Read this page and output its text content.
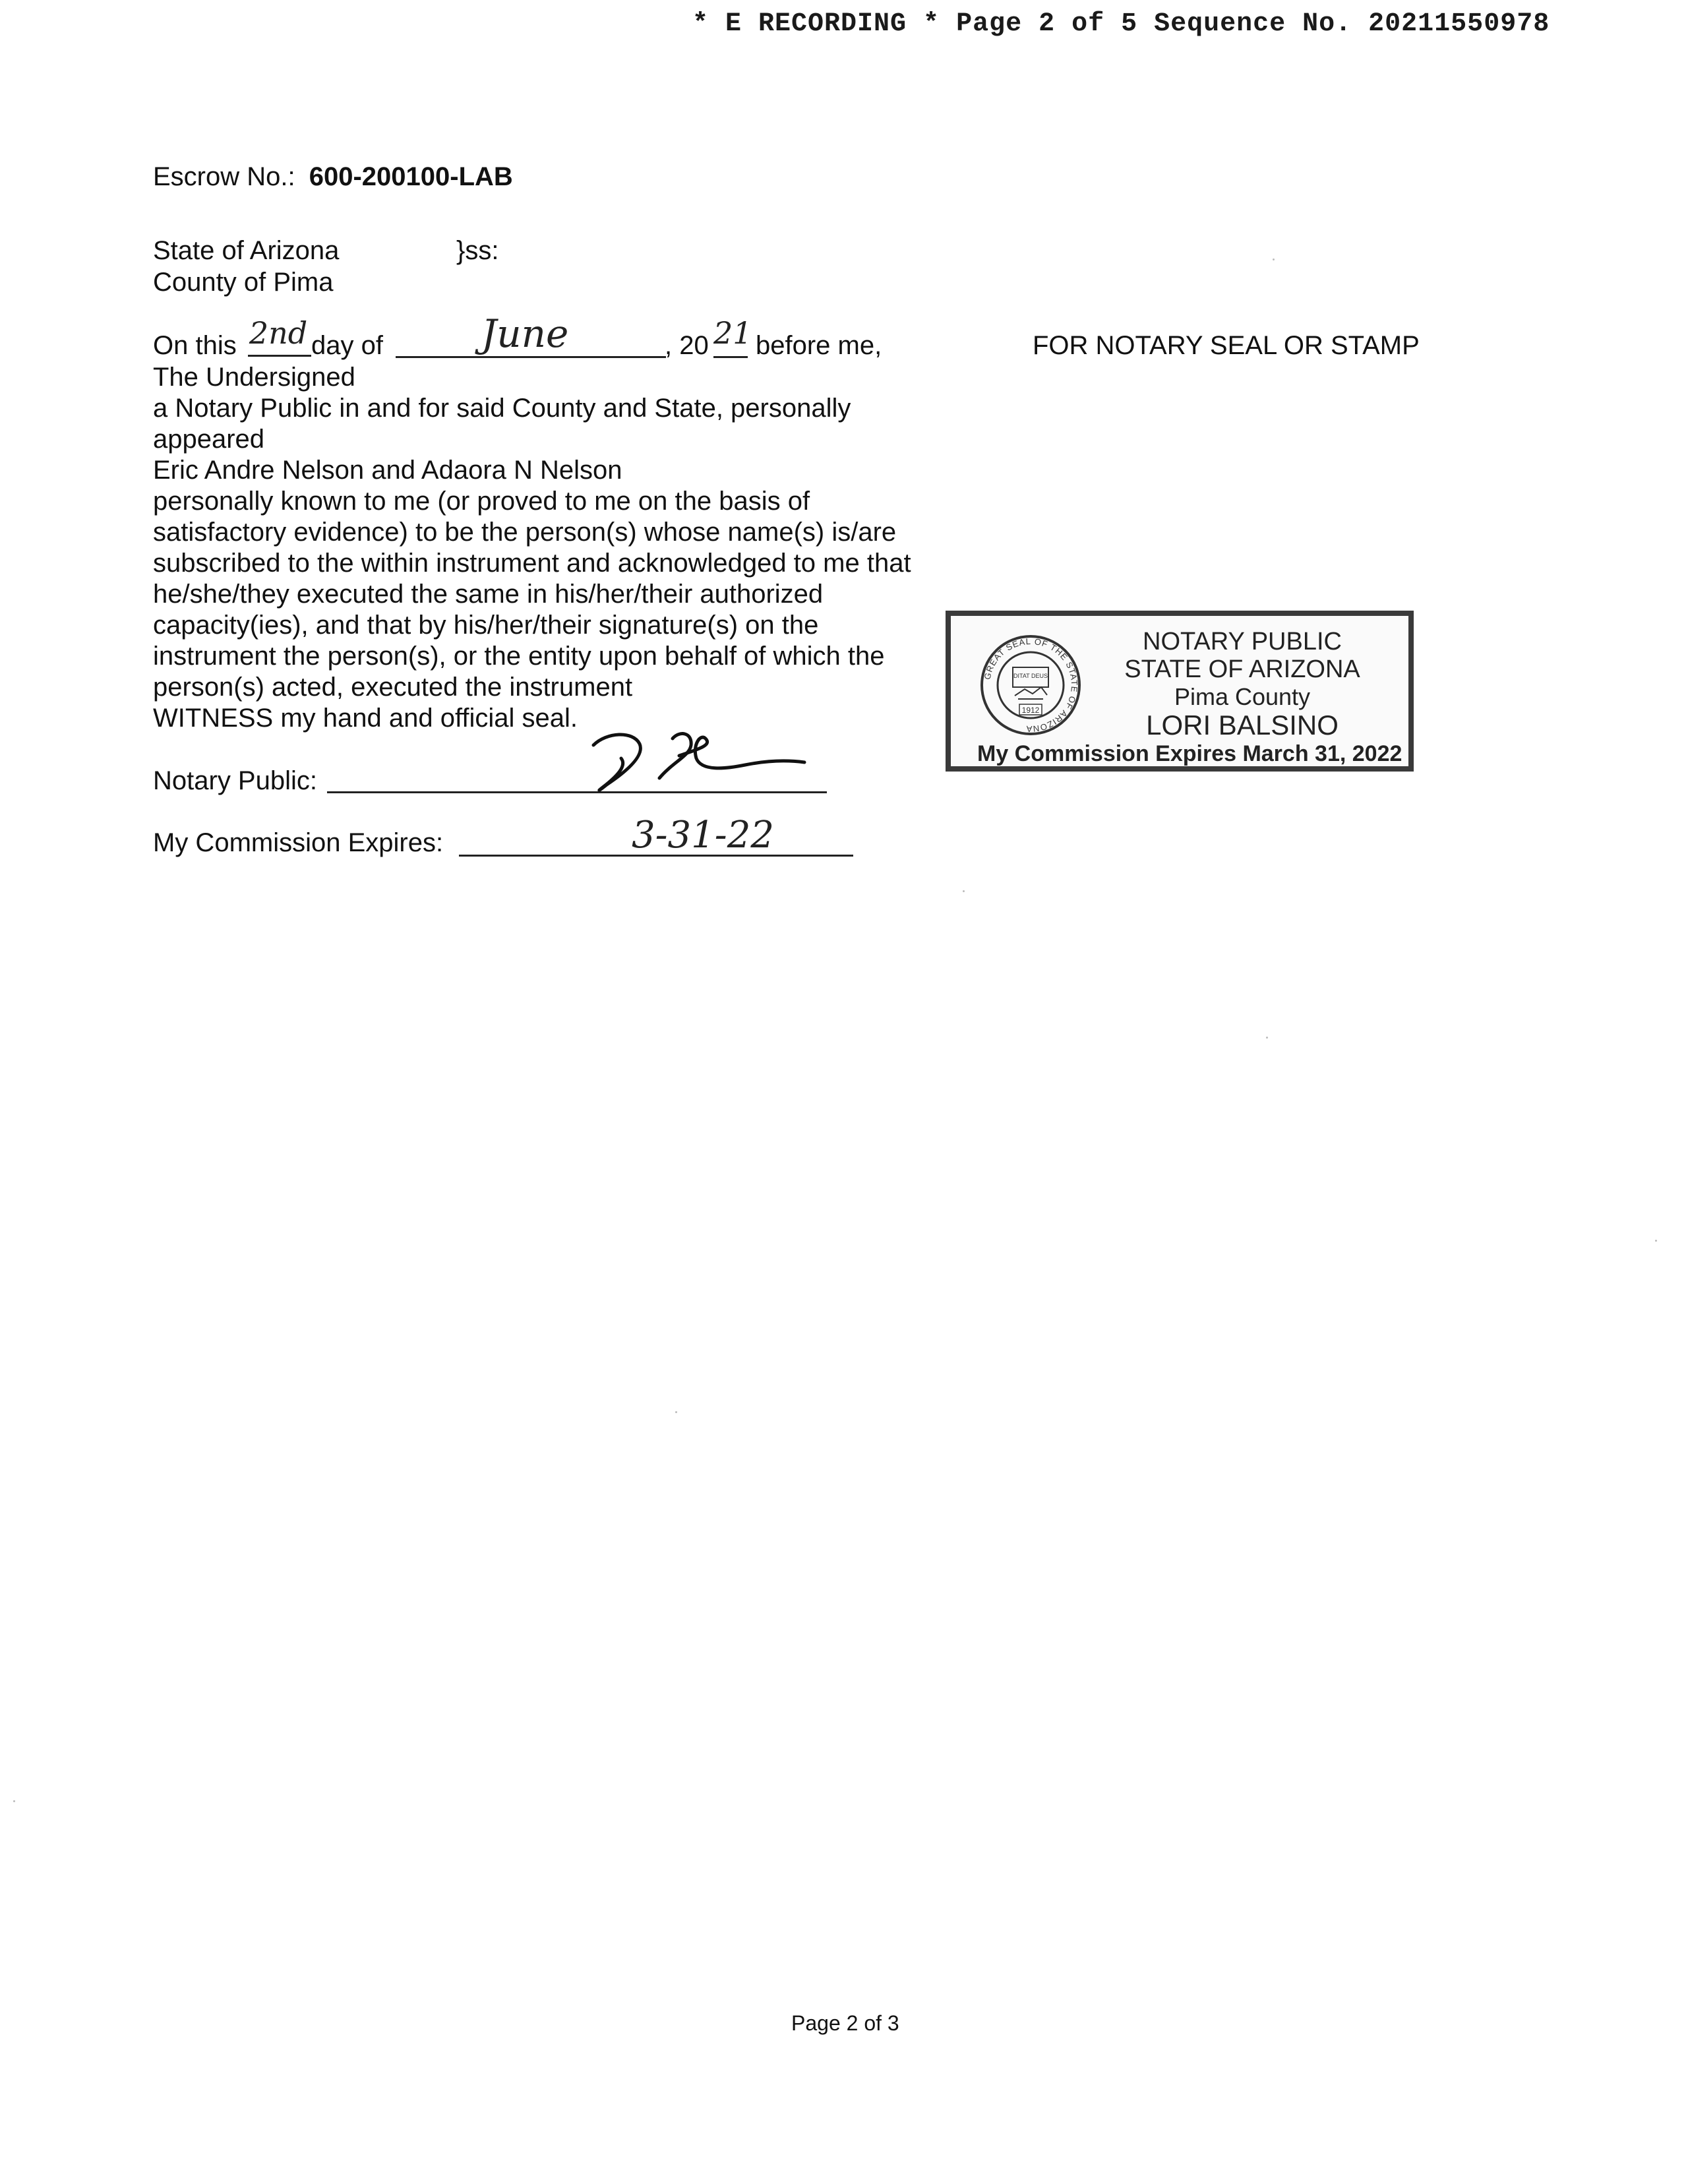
* E RECORDING * Page 2 of 5 Sequence No. 20211550978
Escrow No.: 600-200100-LAB
State of Arizona	}ss:
County of Pima
On this 2nd day of	June	, 20 21 before me,
The Undersigned
a Notary Public in and for said County and State, personally
appeared
Eric Andre Nelson and Adaora N Nelson
personally known to me (or proved to me on the basis of
satisfactory evidence) to be the person(s) whose name(s) is/are
subscribed to the within instrument and acknowledged to me that
he/she/they executed the same in his/her/their authorized
capacity(ies), and that by his/her/their signature(s) on the
instrument the person(s), or the entity upon behalf of which the
person(s) acted, executed the instrument
WITNESS my hand and official seal.
FOR NOTARY SEAL OR STAMP
Notary Public:
My Commission Expires:	3-31-22
GREAT SEAL OF THE STATE OF ARIZONA
DITAT DEUS
1912
NOTARY PUBLIC
STATE OF ARIZONA
Pima County
LORI BALSINO
My Commission Expires March 31, 2022
Page 2 of 3
